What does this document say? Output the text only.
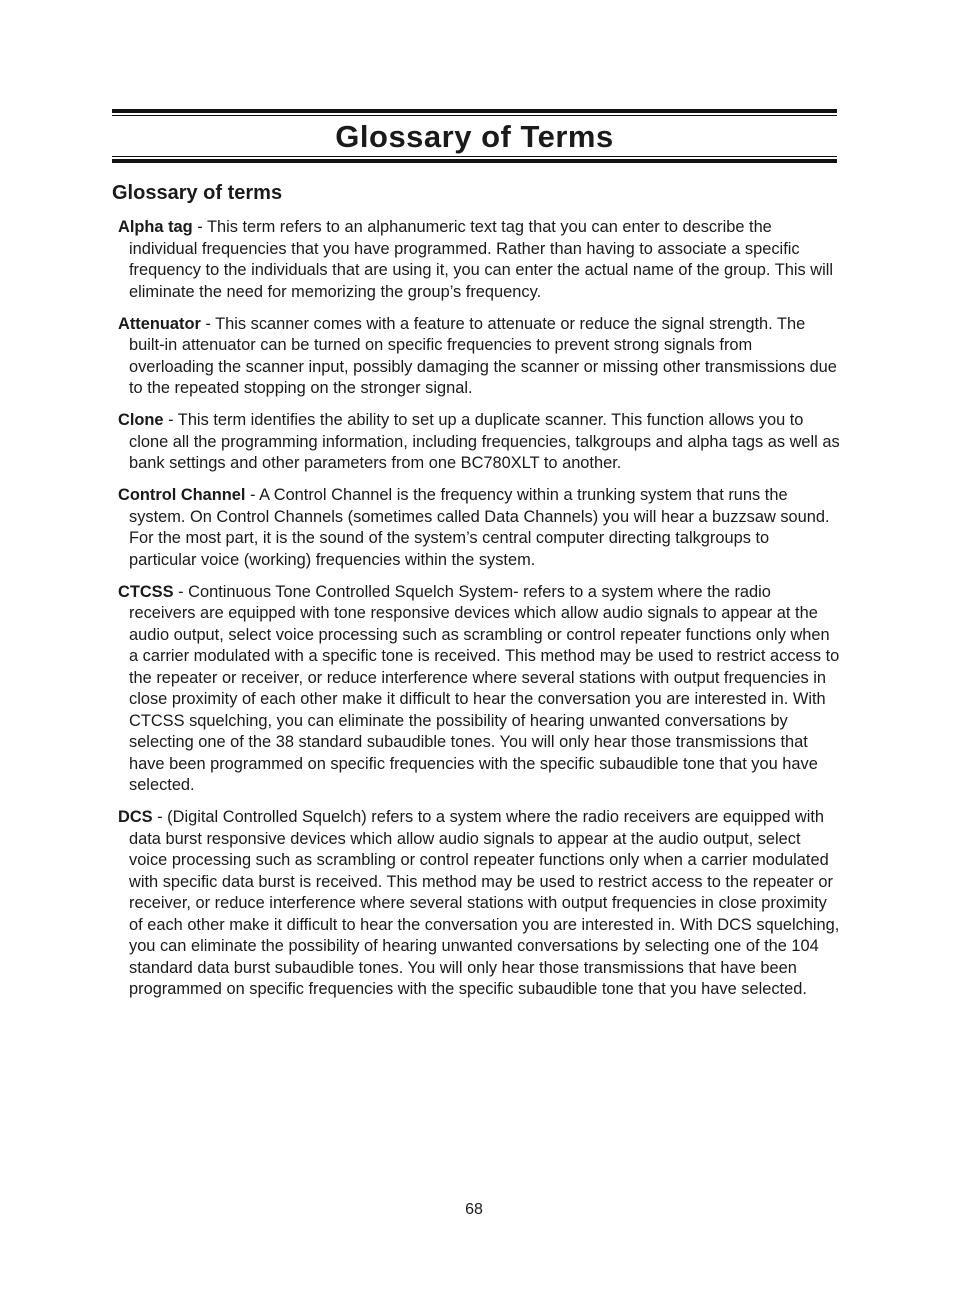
Glossary of Terms
Glossary of terms

Alpha tag - This term refers to an alphanumeric text tag that you can enter to describe the individual frequencies that you have programmed. Rather than having to associate a specific frequency to the individuals that are using it, you can enter the actual name of the group. This will eliminate the need for memorizing the group’s frequency.

Attenuator - This scanner comes with a feature to attenuate or reduce the signal strength. The built-in attenuator can be turned on specific frequencies to prevent strong signals from overloading the scanner input, possibly damaging the scanner or missing other transmissions due to the repeated stopping on the stronger signal.

Clone - This term identifies the ability to set up a duplicate scanner. This function allows you to clone all the programming information, including frequencies, talkgroups and alpha tags as well as bank settings and other parameters from one BC780XLT to another.

Control Channel - A Control Channel is the frequency within a trunking system that runs the system. On Control Channels (sometimes called Data Channels) you will hear a buzzsaw sound. For the most part, it is the sound of the system’s central computer directing talkgroups to particular voice (working) frequencies within the system.

CTCSS - Continuous Tone Controlled Squelch System- refers to a system where the radio receivers are equipped with tone responsive devices which allow audio signals to appear at the audio output, select voice processing such as scrambling or control repeater functions only when a carrier modulated with a specific tone is received. This method may be used to restrict access to the repeater or receiver, or reduce interference where several stations with output frequencies in close proximity of each other make it difficult to hear the conversation you are interested in. With CTCSS squelching, you can eliminate the possibility of hearing unwanted conversations by selecting one of the 38 standard subaudible tones. You will only hear those transmissions that have been programmed on specific frequencies with the specific subaudible tone that you have selected.

DCS - (Digital Controlled Squelch) refers to a system where the radio receivers are equipped with data burst responsive devices which allow audio signals to appear at the audio output, select voice processing such as scrambling or control repeater functions only when a carrier modulated with specific data burst is received. This method may be used to restrict access to the repeater or receiver, or reduce interference where several stations with output frequencies in close proximity of each other make it difficult to hear the conversation you are interested in. With DCS squelching, you can eliminate the possibility of hearing unwanted conversations by selecting one of the 104 standard data burst subaudible tones. You will only hear those transmissions that have been programmed on specific frequencies with the specific subaudible tone that you have selected.

68
